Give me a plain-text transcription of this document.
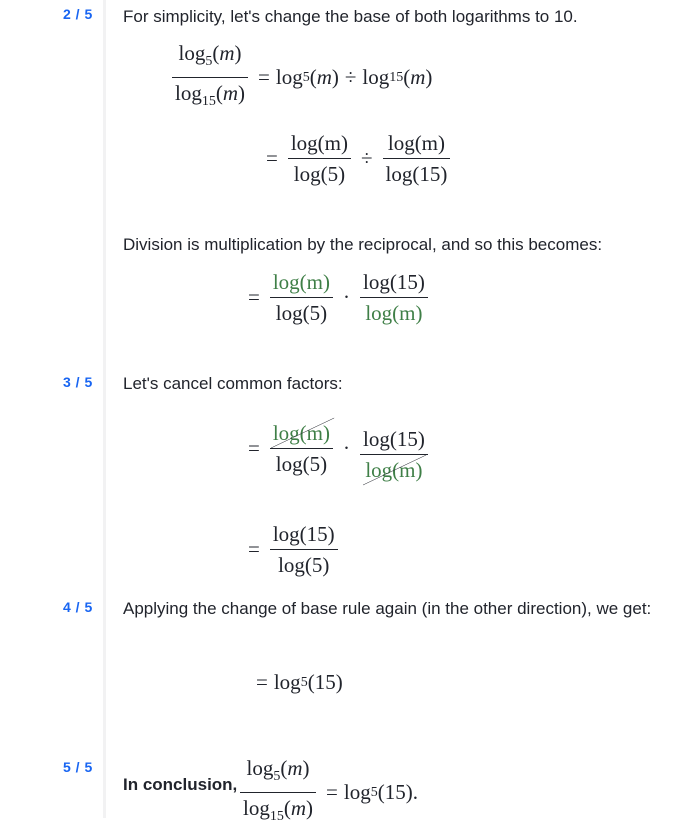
2 / 5 For simplicity, let's change the base of both logarithms to 10.
$\frac{\log_5(m)}{\log_{15}(m)} = \log 5$ ( m ) ÷ log 15 ( m )
= $\frac{\log(m)}{\log(5)} \div \frac{\log(m)}{\log(15)}$
Division is multiplication by the reciprocal, and so this becomes:
= $\frac{\log(m)}{\log(5)} \cdot \frac{\log(15)}{\log(m)}$
3 / 5 Let's cancel common factors:
= $\frac{\log(m)}{\log(5)} \cdot \frac{\log(15)}{\log(m)}$
= $\frac{\log(15)}{\log(5)}$
4 / 5 Applying the change of base rule again (in the other direction), we get:
= log 5 ( 15 )
5 / 5
In conclusion, $\frac{\log_5(m)}{\log_{15}(m)} = \log 5$ ( 15 ) .
